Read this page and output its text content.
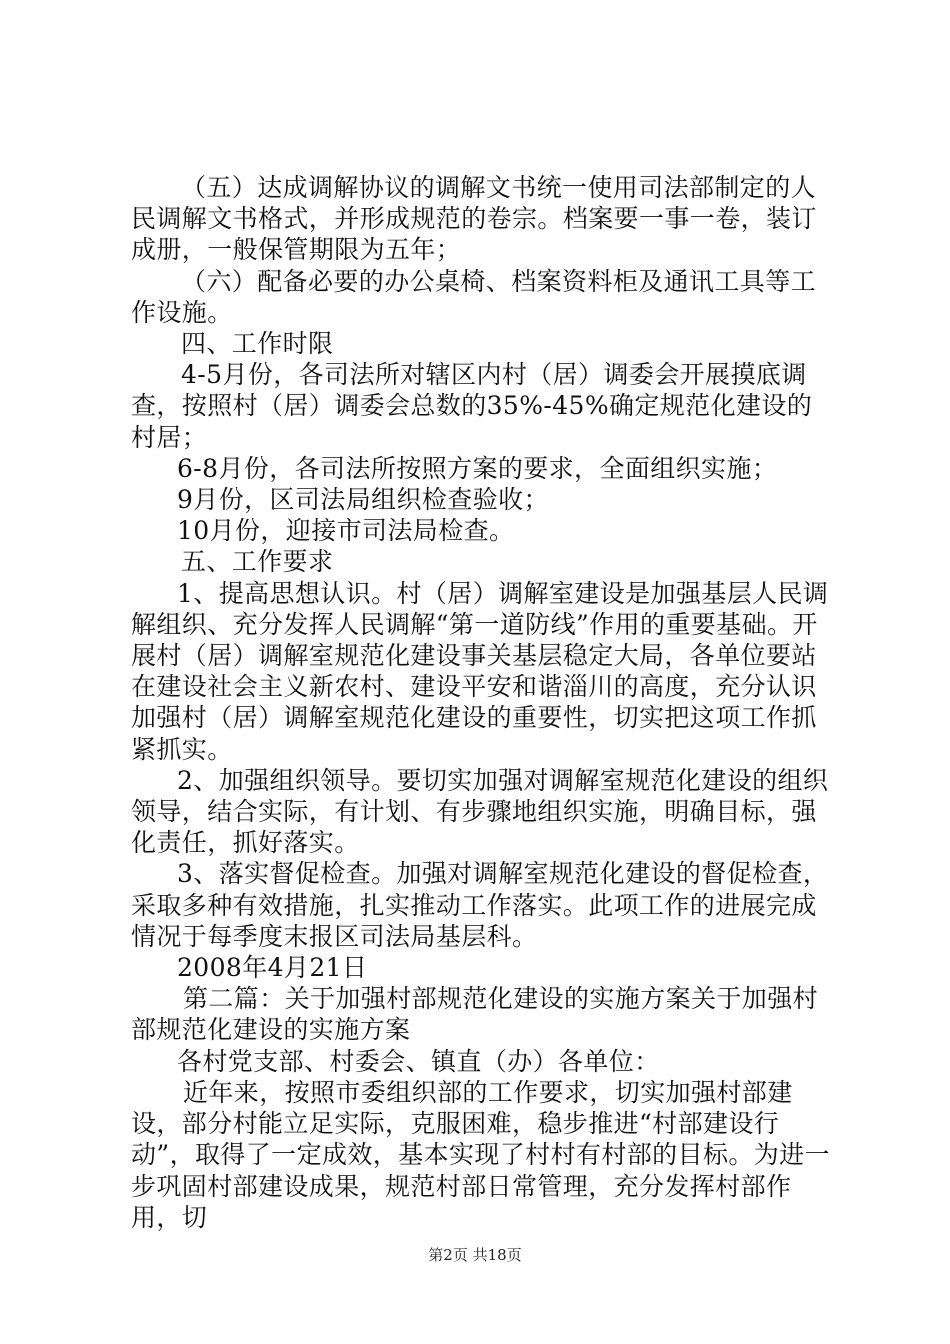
（五）达成调解协议的调解文书统一使用司法部制定的人民调解文书格式，并形成规范的卷宗。档案要一事一卷，装订成册，一般保管期限为五年；

（六）配备必要的办公桌椅、档案资料柜及通讯工具等工作设施。

四、工作时限

4-5月份，各司法所对辖区内村（居）调委会开展摸底调查，按照村（居）调委会总数的35%-45%确定规范化建设的村居；

6-8月份，各司法所按照方案的要求，全面组织实施；

9月份，区司法局组织检查验收；

10月份，迎接市司法局检查。

五、工作要求

1、提高思想认识。村（居）调解室建设是加强基层人民调解组织、充分发挥人民调解“第一道防线”作用的重要基础。开展村（居）调解室规范化建设事关基层稳定大局，各单位要站在建设社会主义新农村、建设平安和谐淄川的高度，充分认识加强村（居）调解室规范化建设的重要性，切实把这项工作抓紧抓实。

2、加强组织领导。要切实加强对调解室规范化建设的组织领导，结合实际，有计划、有步骤地组织实施，明确目标，强化责任，抓好落实。

3、落实督促检查。加强对调解室规范化建设的督促检查，采取多种有效措施，扎实推动工作落实。此项工作的进展完成情况于每季度末报区司法局基层科。

2008年4月21日

第二篇：关于加强村部规范化建设的实施方案关于加强村部规范化建设的实施方案

各村党支部、村委会、镇直（办）各单位：

近年来，按照市委组织部的工作要求，切实加强村部建设，部分村能立足实际，克服困难，稳步推进“村部建设行动”，取得了一定成效，基本实现了村村有村部的目标。为进一步巩固村部建设成果，规范村部日常管理，充分发挥村部作用，切

第2页 共18页
